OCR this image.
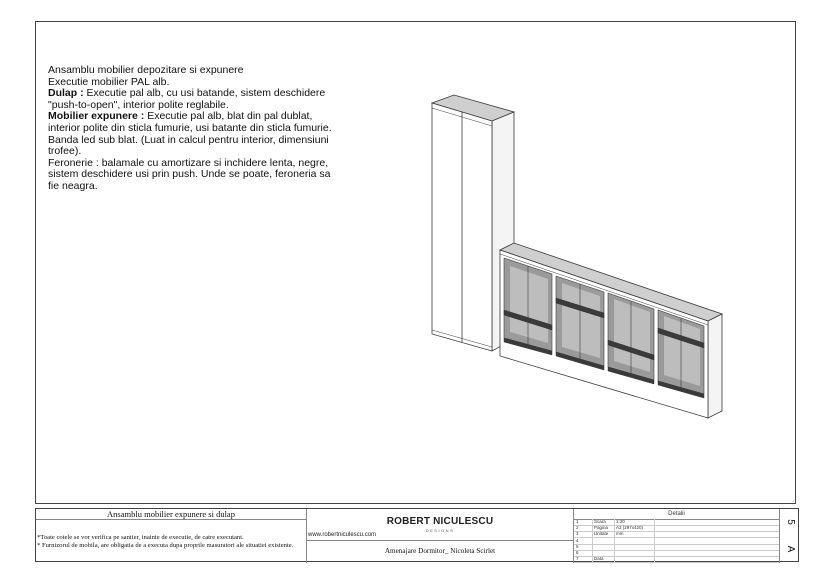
Ansamblu mobilier depozitare si expunere

Executie mobilier PAL alb.

Dulap : Executie pal alb, cu usi batande, sistem deschidere "push-to-open", interior polite reglabile.

Mobilier expunere : Executie pal alb, blat din pal dublat, interior polite din sticla fumurie, usi batante din sticla fumurie. Banda led sub blat. (Luat in calcul pentru interior, dimensiuni trofee).

Feronerie : balamale cu amortizare si inchidere lenta, negre, sistem deschidere usi prin push. Unde se poate, feroneria sa fie neagra.

Ansamblu mobilier expunere si dulap
*Toate cotele se vor verifica pe santier, inainte de executie, de catre executant.
* Furnizorul de mobila, are obligatia de a executa dupa proprile masuratori ale situatiei existente.
ROBERT NICULESCU
DESIGNS
www.robertniculescu.com
Amenajare Dormitor_ Nicoleta Scirlet
Detalii
1	Scara 1:20
2	Pagina A3 (297x420)
3	Unitate mm
4
5
6
7	Data
5
A
